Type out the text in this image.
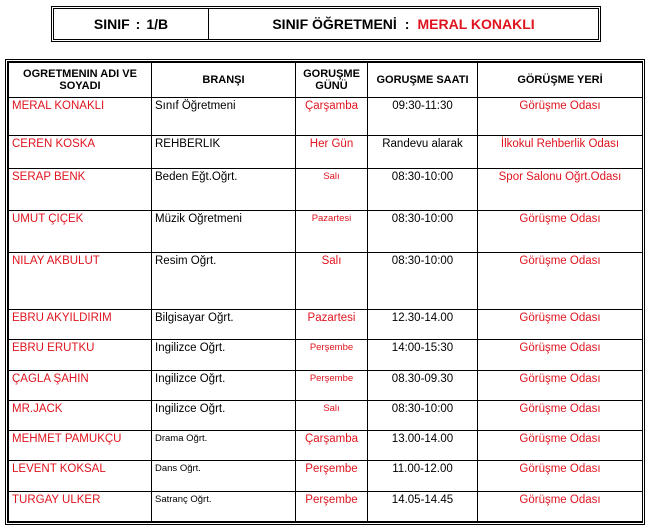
SINIF : 1/B	SINIF ÖĞRETMENİ : MERAL KONAKLI
OGRETMENIN ADI VE SOYADI	BRANŞI	GORUŞME GÜNÜ	GORUŞME SAATI	GÖRÜŞME YERİ
MERAL KONAKLI	Sınıf Öğretmeni	Çarşamba	09:30-11:30	Görüşme Odası
CEREN KOSKA	REHBERLIK	Her Gün	Randevu alarak	İlkokul Rehberlik Odası
SERAP BENK	Beden Eğt.Oğrt.	Salı	08:30-10:00	Spor Salonu Oğrt.Odası
UMUT ÇIÇEK	Müzik Oğretmeni	Pazartesi	08:30-10:00	Görüşme Odası
NILAY AKBULUT	Resim Oğrt.	Salı	08:30-10:00	Görüşme Odası
EBRU AKYILDIRIM	Bilgisayar Oğrt.	Pazartesi	12.30-14.00	Görüşme Odası
EBRU ERUTKU	Ingilizce Oğrt.	Perşembe	14:00-15:30	Görüşme Odası
ÇAGLA ŞAHIN	Ingilizce Oğrt.	Perşembe	08.30-09.30	Görüşme Odası
MR.JACK	Ingilizce Oğrt.	Salı	08:30-10:00	Görüşme Odası
MEHMET PAMUKÇU	Drama Oğrt.	Çarşamba	13.00-14.00	Görüşme Odası
LEVENT KOKSAL	Dans Oğrt.	Perşembe	11.00-12.00	Görüşme Odası
TURGAY ULKER	Satranç Oğrt.	Perşembe	14.05-14.45	Görüşme Odası
